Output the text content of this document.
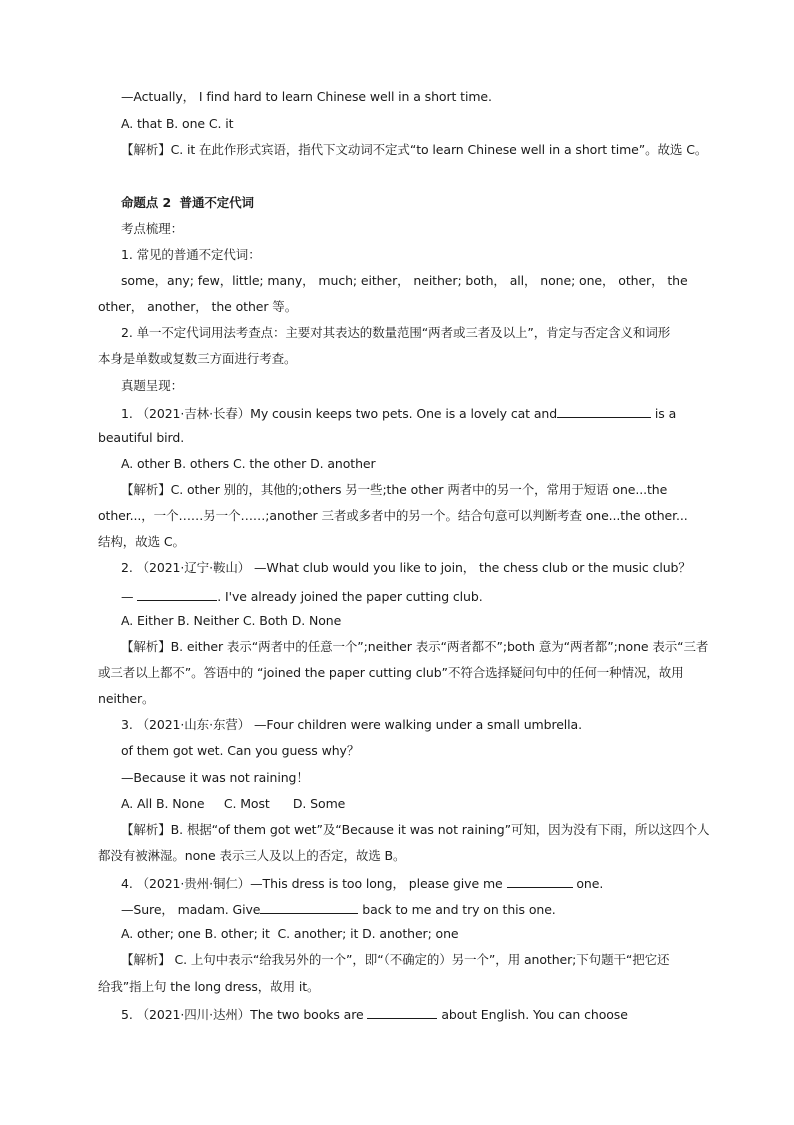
—Actually， I find hard to learn Chinese well in a short time.
A. that B. one C. it
【解析】C. it 在此作形式宾语，指代下文动词不定式“to learn Chinese well in a short time”。故选 C。
命题点 2  普通不定代词
考点梳理：
1. 常见的普通不定代词：
some，any; few，little; many， much; either， neither; both， all， none; one， other， the
other， another， the other 等。
2. 单一不定代词用法考查点：主要对其表达的数量范围“两者或三者及以上”，肯定与否定含义和词形
本身是单数或复数三方面进行考查。
真题呈现：
1. （2021·吉林·长春）My cousin keeps two pets. One is a lovely cat and	is a
beautiful bird.
A. other B. others C. the other D. another
【解析】C. other 别的，其他的;others 另一些;the other 两者中的另一个，常用于短语 one...the
other...，一个……另一个……;another 三者或多者中的另一个。结合句意可以判断考查 one...the other...
结构，故选 C。
2. （2021·辽宁·鞍山） —What club would you like to join， the chess club or the music club？
—	. I've already joined the paper cutting club.
A. Either B. Neither C. Both D. None
【解析】B. either 表示“两者中的任意一个”;neither 表示“两者都不”;both 意为“两者都”;none 表示“三者
或三者以上都不”。答语中的 “joined the paper cutting club”不符合选择疑问句中的任何一种情况，故用
neither。
3. （2021·山东·东营） —Four children were walking under a small umbrella.
of them got wet. Can you guess why？
—Because it was not raining！
A. All B. None     C. Most      D. Some
【解析】B. 根据“of them got wet”及“Because it was not raining”可知，因为没有下雨，所以这四个人
都没有被淋湿。none 表示三人及以上的否定，故选 B。
4. （2021·贵州·铜仁）—This dress is too long， please give me	one.
—Sure， madam. Give	back to me and try on this one.
A. other; one B. other; it  C. another; it D. another; one
【解析】 C. 上句中表示“给我另外的一个”，即“（不确定的）另一个”，用 another;下句题干“把它还
给我”指上句 the long dress，故用 it。
5. （2021·四川·达州）The two books are	about English. You can choose
